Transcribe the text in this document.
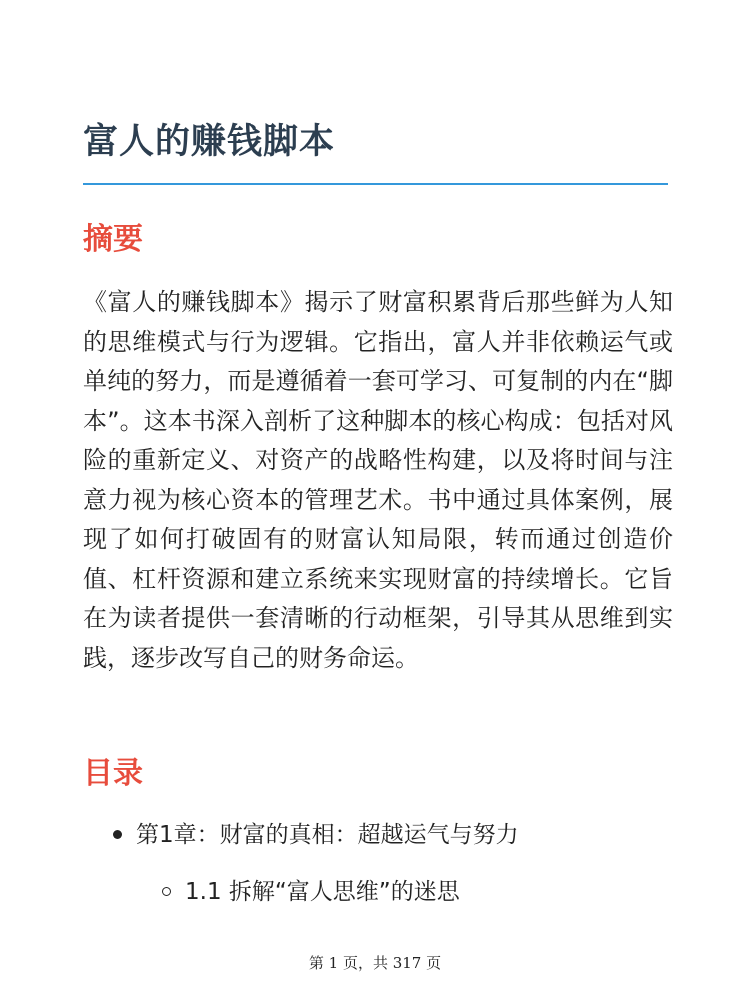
富人的赚钱脚本
摘要

《富人的赚钱脚本》揭示了财富积累背后那些鲜为人知的思维模式与行为逻辑。它指出，富人并非依赖运气或单纯的努力，而是遵循着一套可学习、可复制的内在“脚本”。这本书深入剖析了这种脚本的核心构成：包括对风险的重新定义、对资产的战略性构建，以及将时间与注意力视为核心资本的管理艺术。书中通过具体案例，展现了如何打破固有的财富认知局限，转而通过创造价值、杠杆资源和建立系统来实现财富的持续增长。它旨在为读者提供一套清晰的行动框架，引导其从思维到实践，逐步改写自己的财务命运。

目录
第1章：财富的真相：超越运气与努力
1.1 拆解“富人思维”的迷思
第 1 页，共 317 页
